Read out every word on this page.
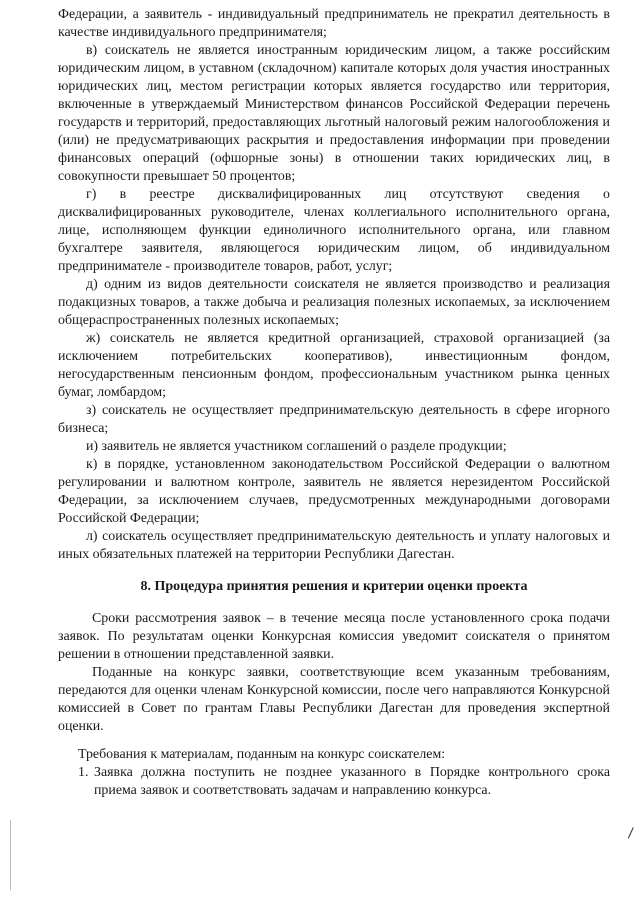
Федерации, а заявитель - индивидуальный предприниматель не прекратил деятельность в качестве индивидуального предпринимателя;

в) соискатель не является иностранным юридическим лицом, а также российским юридическим лицом, в уставном (складочном) капитале которых доля участия иностранных юридических лиц, местом регистрации которых является государство или территория, включенные в утверждаемый Министерством финансов Российской Федерации перечень государств и территорий, предоставляющих льготный налоговый режим налогообложения и (или) не предусматривающих раскрытия и предоставления информации при проведении финансовых операций (офшорные зоны) в отношении таких юридических лиц, в совокупности превышает 50 процентов;

г) в реестре дисквалифицированных лиц отсутствуют сведения о дисквалифицированных руководителе, членах коллегиального исполнительного органа, лице, исполняющем функции единоличного исполнительного органа, или главном бухгалтере заявителя, являющегося юридическим лицом, об индивидуальном предпринимателе - производителе товаров, работ, услуг;

д) одним из видов деятельности соискателя не является производство и реализация подакцизных товаров, а также добыча и реализация полезных ископаемых, за исключением общераспространенных полезных ископаемых;

ж) соискатель не является кредитной организацией, страховой организацией (за исключением потребительских кооперативов), инвестиционным фондом, негосударственным пенсионным фондом, профессиональным участником рынка ценных бумаг, ломбардом;

з) соискатель не осуществляет предпринимательскую деятельность в сфере игорного бизнеса;

и) заявитель не является участником соглашений о разделе продукции;

к) в порядке, установленном законодательством Российской Федерации о валютном регулировании и валютном контроле, заявитель не является нерезидентом Российской Федерации, за исключением случаев, предусмотренных международными договорами Российской Федерации;

л) соискатель осуществляет предпринимательскую деятельность и уплату налоговых и иных обязательных платежей на территории Республики Дагестан.

8. Процедура принятия решения и критерии оценки проекта

Сроки рассмотрения заявок – в течение месяца после установленного срока подачи заявок. По результатам оценки Конкурсная комиссия уведомит соискателя о принятом решении в отношении представленной заявки.

Поданные на конкурс заявки, соответствующие всем указанным требованиям, передаются для оценки членам Конкурсной комиссии, после чего направляются Конкурсной комиссией в Совет по грантам Главы Республики Дагестан для проведения экспертной оценки.

Требования к материалам, поданным на конкурс соискателем:

1. Заявка должна поступить не позднее указанного в Порядке контрольного срока приема заявок и соответствовать задачам и направлению конкурса.
